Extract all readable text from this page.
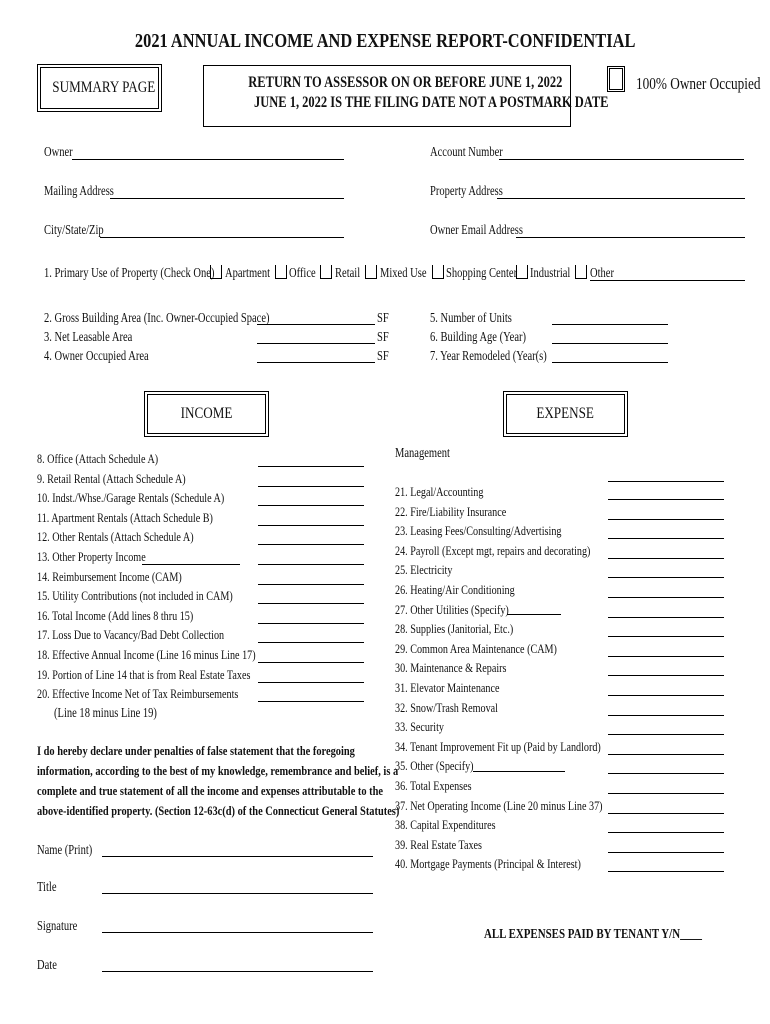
2021 ANNUAL INCOME AND EXPENSE REPORT-CONFIDENTIAL
SUMMARY PAGE	RETURN TO ASSESSOR ON OR BEFORE JUNE 1, 2022
JUNE 1, 2022 IS THE FILING DATE NOT A POSTMARK DATE
100% Owner Occupied
Owner	Account Number
Mailing Address	Property Address
City/State/Zip	Owner Email Address
1. Primary Use of Property (Check One) Apartment Office Retail Mixed Use Shopping Center Industrial Other
2. Gross Building Area (Inc. Owner-Occupied Space)	SF
3. Net Leasable Area	SF
4. Owner Occupied Area	SF
5. Number of Units
6. Building Age (Year)
7. Year Remodeled (Year(s)
INCOME	EXPENSE
8. Office (Attach Schedule A)
9. Retail Rental (Attach Schedule A)
10. Indst./Whse./Garage Rentals (Schedule A)
11. Apartment Rentals (Attach Schedule B)
12. Other Rentals (Attach Schedule A)
13. Other Property Income
14. Reimbursement Income (CAM)
15. Utility Contributions (not included in CAM)
16. Total Income (Add lines 8 thru 15)
17. Loss Due to Vacancy/Bad Debt Collection
18. Effective Annual Income (Line 16 minus Line 17)
19. Portion of Line 14 that is from Real Estate Taxes
20. Effective Income Net of Tax Reimbursements
(Line 18 minus Line 19)
Management
21. Legal/Accounting
22. Fire/Liability Insurance
23. Leasing Fees/Consulting/Advertising
24. Payroll (Except mgt, repairs and decorating)
25. Electricity
26. Heating/Air Conditioning
27. Other Utilities (Specify)
28. Supplies (Janitorial, Etc.)
29. Common Area Maintenance (CAM)
30. Maintenance & Repairs
31. Elevator Maintenance
32. Snow/Trash Removal
33. Security
34. Tenant Improvement Fit up (Paid by Landlord)
35. Other (Specify)
36. Total Expenses
37. Net Operating Income (Line 20 minus Line 37)
38. Capital Expenditures
39. Real Estate Taxes
40. Mortgage Payments (Principal & Interest)
I do hereby declare under penalties of false statement that the foregoing
information, according to the best of my knowledge, remembrance and belief, is a
complete and true statement of all the income and expenses attributable to the
above-identified property. (Section 12-63c(d) of the Connecticut General Statutes)
Name (Print)
Title
Signature
Date
ALL EXPENSES PAID BY TENANT Y/N____
